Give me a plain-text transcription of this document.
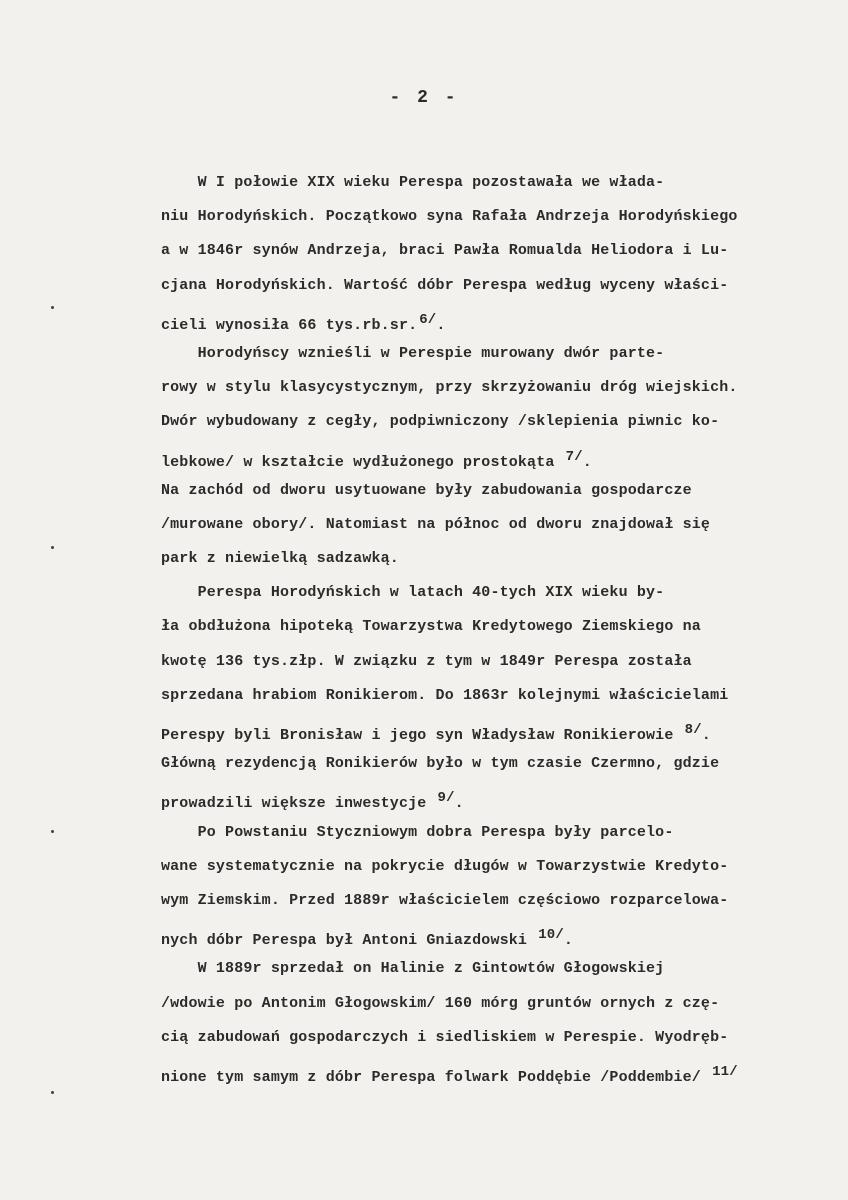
- 2 -
W I połowie XIX wieku Perespa pozostawała we włada-
niu Horodyńskich. Początkowo syna Rafała Andrzeja Horodyńskiego
a w 1846r synów Andrzeja, braci Pawła Romualda Heliodora i Lu-
cjana Horodyńskich. Wartość dóbr Perespa według wyceny właści-
cieli wynosiła 66 tys.rb.sr. 6/.
Horodyńscy wznieśli w Perespie murowany dwór parte-
rowy w stylu klasycystycznym, przy skrzyżowaniu dróg wiejskich.
Dwór wybudowany z cegły, podpiwniczony /sklepienia piwnic ko-
lebkowe/ w kształcie wydłużonego prostokąta 7/.
Na zachód od dworu usytuowane były zabudowania gospodarcze
/murowane obory/. Natomiast na północ od dworu znajdował się
park z niewielką sadzawką.
Perespa Horodyńskich w latach 40-tych XIX wieku by-
ła obdłużona hipoteką Towarzystwa Kredytowego Ziemskiego na
kwotę 136 tys.złp. W związku z tym w 1849r Perespa została
sprzedana hrabiom Ronikierom. Do 1863r kolejnymi właścicielami
Perespy byli Bronisław i jego syn Władysław Ronikierowie 8/.
Główną rezydencją Ronikierów było w tym czasie Czermno, gdzie
prowadzili większe inwestycje 9/.
Po Powstaniu Styczniowym dobra Perespa były parcelo-
wane systematycznie na pokrycie długów w Towarzystwie Kredyto-
wym Ziemskim. Przed 1889r właścicielem częściowo rozparcelowa-
nych dóbr Perespa był Antoni Gniazdowski 10/.
W 1889r sprzedał on Halinie z Gintowtów Głogowskiej
/wdowie po Antonim Głogowskim/ 160 mórg gruntów ornych z czę-
cią zabudowań gospodarczych i siedliskiem w Perespie. Wyodręb-
nione tym samym z dóbr Perespa folwark Poddębie /Poddembie/ 11/
